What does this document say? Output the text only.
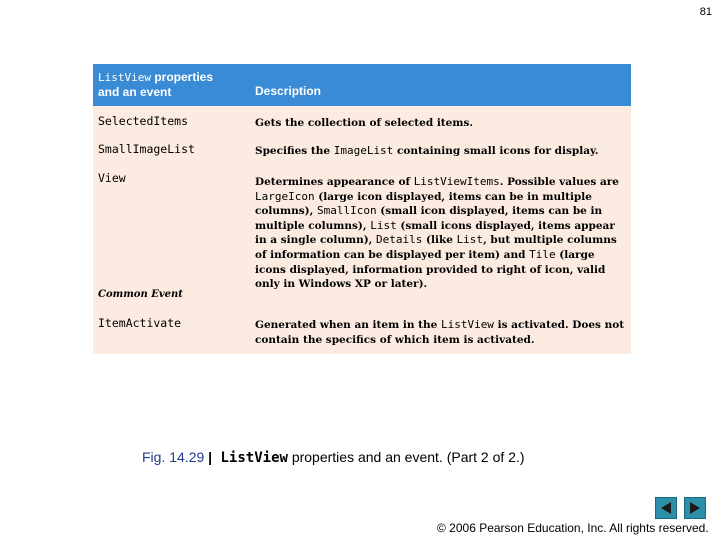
81
ListView properties
and an event	Description
SelectedItems	Gets the collection of selected items.
SmallImageList	Specifies the ImageList containing small icons for display.
View	Determines appearance of ListViewItems. Possible values are LargeIcon (large icon displayed, items can be in multiple columns), SmallIcon (small icon displayed, items can be in multiple columns), List (small icons displayed, items appear in a single column), Details (like List, but multiple columns of information can be displayed per item) and Tile (large icons displayed, information provided to right of icon, valid only in Windows XP or later).
Common Event
ItemActivate	Generated when an item in the ListView is activated. Does not contain the specifics of which item is activated.
Fig. 14.29 | ListView properties and an event. (Part 2 of 2.)
© 2006 Pearson Education, Inc. All rights reserved.
